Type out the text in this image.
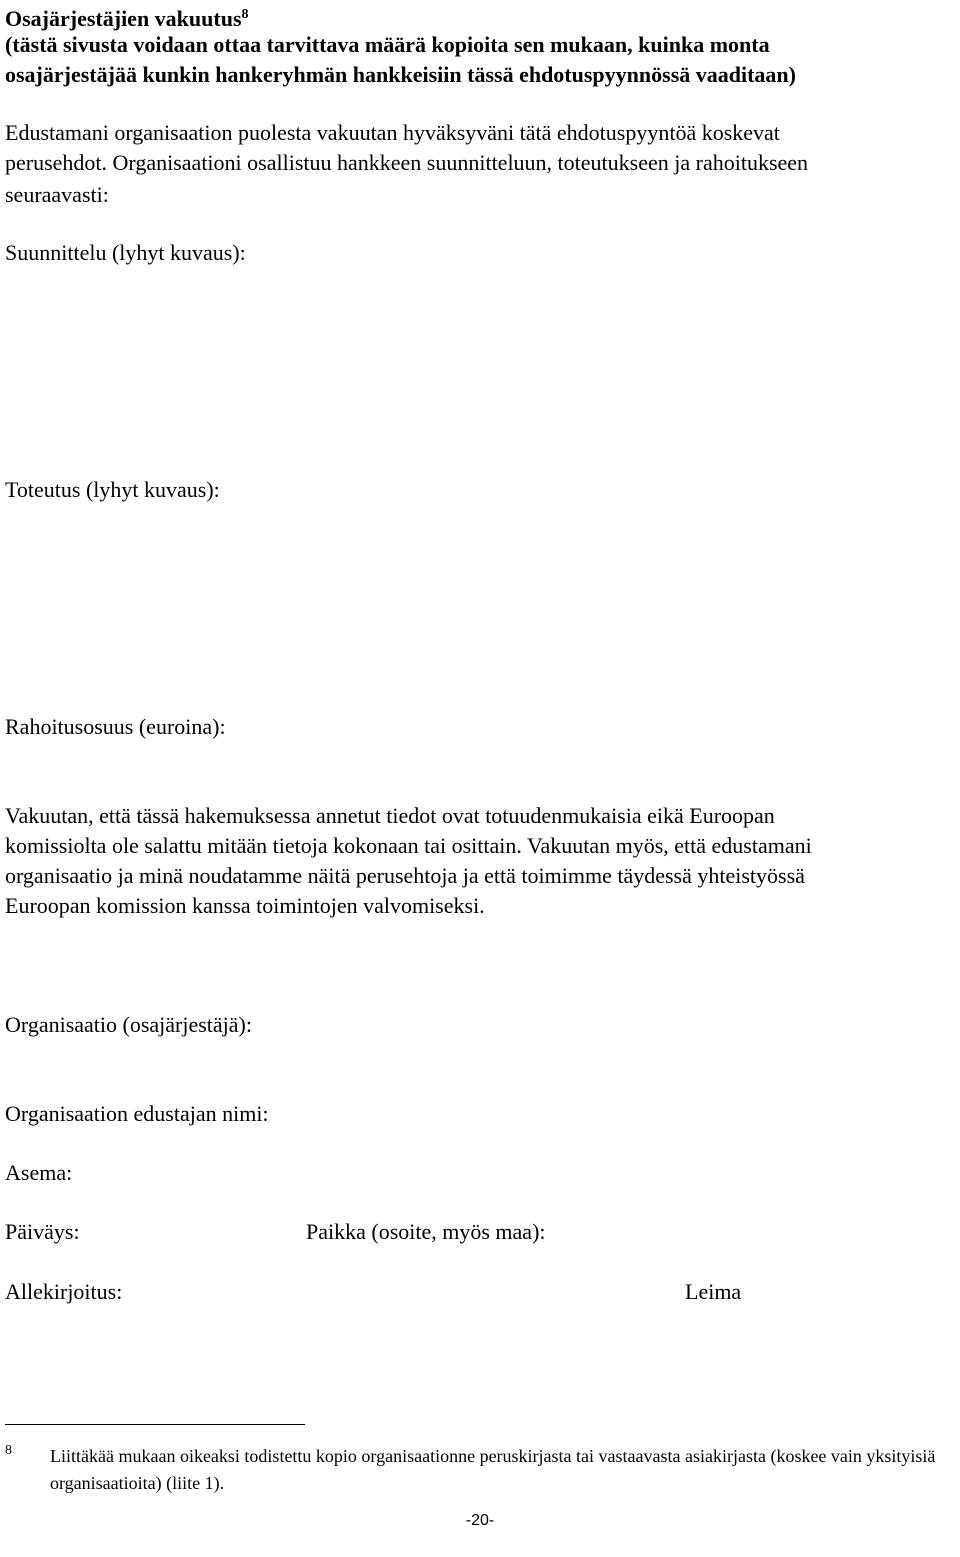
Osajärjestäjien vakuutus$^8$
(tästä sivusta voidaan ottaa tarvittava määrä kopioita sen mukaan, kuinka monta
osajärjestäjää kunkin hankeryhmän hankkeisiin tässä ehdotuspyynnössä vaaditaan)
Edustamani organisaation puolesta vakuutan hyväksyväni tätä ehdotuspyyntöä koskevat
perusehdot. Organisaationi osallistuu hankkeen suunnitteluun, toteutukseen ja rahoitukseen
seuraavasti:
Suunnittelu (lyhyt kuvaus):
Toteutus (lyhyt kuvaus):
Rahoitusosuus (euroina):
Vakuutan, että tässä hakemuksessa annetut tiedot ovat totuudenmukaisia eikä Euroopan
komissiolta ole salattu mitään tietoja kokonaan tai osittain. Vakuutan myös, että edustamani
organisaatio ja minä noudatamme näitä perusehtoja ja että toimimme täydessä yhteistyössä
Euroopan komission kanssa toimintojen valvomiseksi.
Organisaatio (osajärjestäjä):
Organisaation edustajan nimi:
Asema:
Päiväys:	Paikka (osoite, myös maa):
Allekirjoitus:	Leima
8 Liittäkää mukaan oikeaksi todistettu kopio organisaationne peruskirjasta tai vastaavasta asiakirjasta (koskee vain yksityisiä organisaatioita) (liite 1).
-20-
